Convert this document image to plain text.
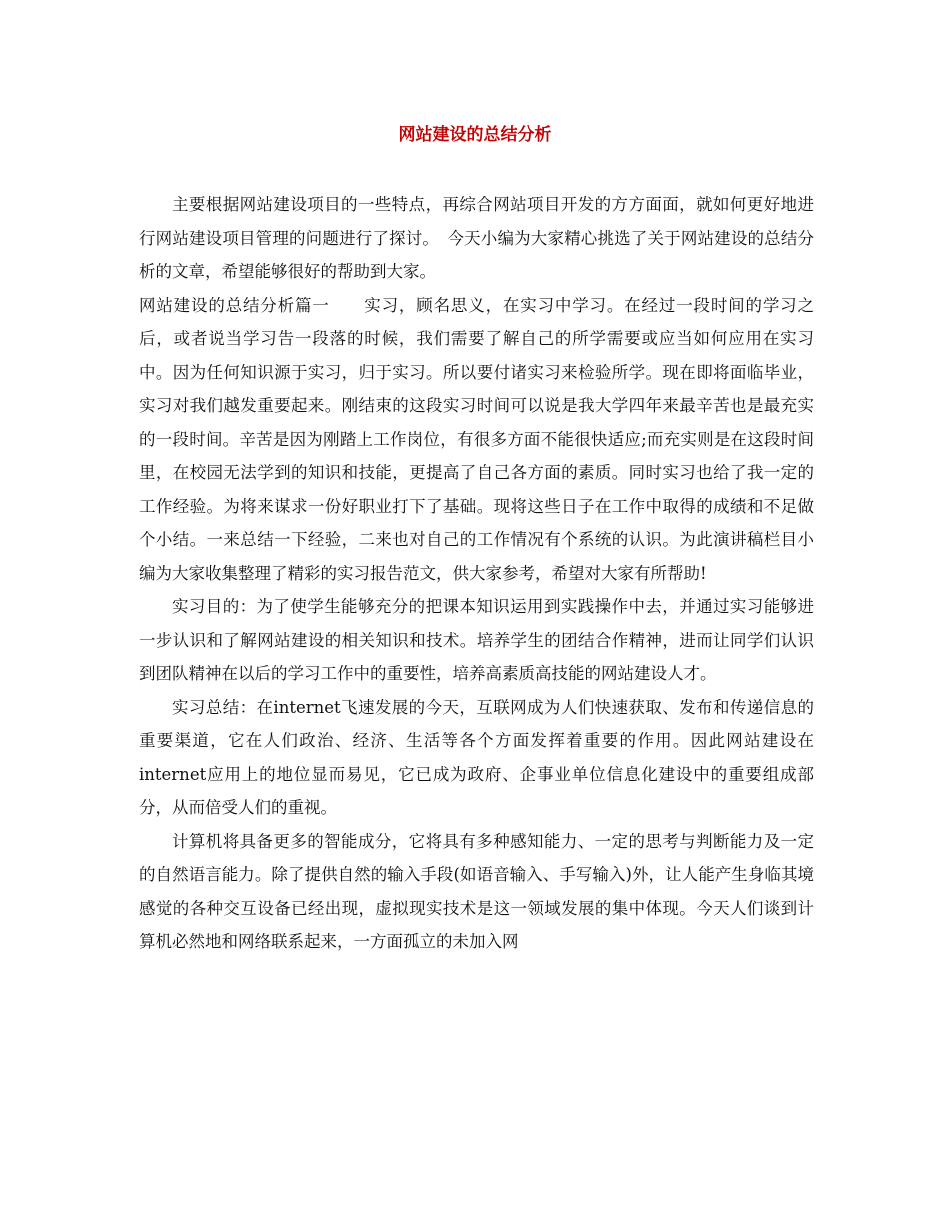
网站建设的总结分析

主要根据网站建设项目的一些特点，再综合网站项目开发的方方面面，就如何更好地进行网站建设项目管理的问题进行了探讨。　今天小编为大家精心挑选了关于网站建设的总结分析的文章，希望能够很好的帮助到大家。

网站建设的总结分析篇一　　实习，顾名思义，在实习中学习。在经过一段时间的学习之后，或者说当学习告一段落的时候，我们需要了解自己的所学需要或应当如何应用在实习中。因为任何知识源于实习，归于实习。所以要付诸实习来检验所学。现在即将面临毕业，实习对我们越发重要起来。刚结束的这段实习时间可以说是我大学四年来最辛苦也是最充实的一段时间。辛苦是因为刚踏上工作岗位，有很多方面不能很快适应;而充实则是在这段时间里，在校园无法学到的知识和技能，更提高了自己各方面的素质。同时实习也给了我一定的工作经验。为将来谋求一份好职业打下了基础。现将这些日子在工作中取得的成绩和不足做个小结。一来总结一下经验，二来也对自己的工作情况有个系统的认识。为此演讲稿栏目小编为大家收集整理了精彩的实习报告范文，供大家参考，希望对大家有所帮助!

实习目的：为了使学生能够充分的把课本知识运用到实践操作中去，并通过实习能够进一步认识和了解网站建设的相关知识和技术。培养学生的团结合作精神，进而让同学们认识到团队精神在以后的学习工作中的重要性，培养高素质高技能的网站建设人才。

实习总结：在internet飞速发展的今天，互联网成为人们快速获取、发布和传递信息的重要渠道，它在人们政治、经济、生活等各个方面发挥着重要的作用。因此网站建设在internet应用上的地位显而易见，它已成为政府、企事业单位信息化建设中的重要组成部分，从而倍受人们的重视。

计算机将具备更多的智能成分，它将具有多种感知能力、一定的思考与判断能力及一定的自然语言能力。除了提供自然的输入手段(如语音输入、手写输入)外，让人能产生身临其境感觉的各种交互设备已经出现，虚拟现实技术是这一领域发展的集中体现。今天人们谈到计算机必然地和网络联系起来，一方面孤立的未加入网
